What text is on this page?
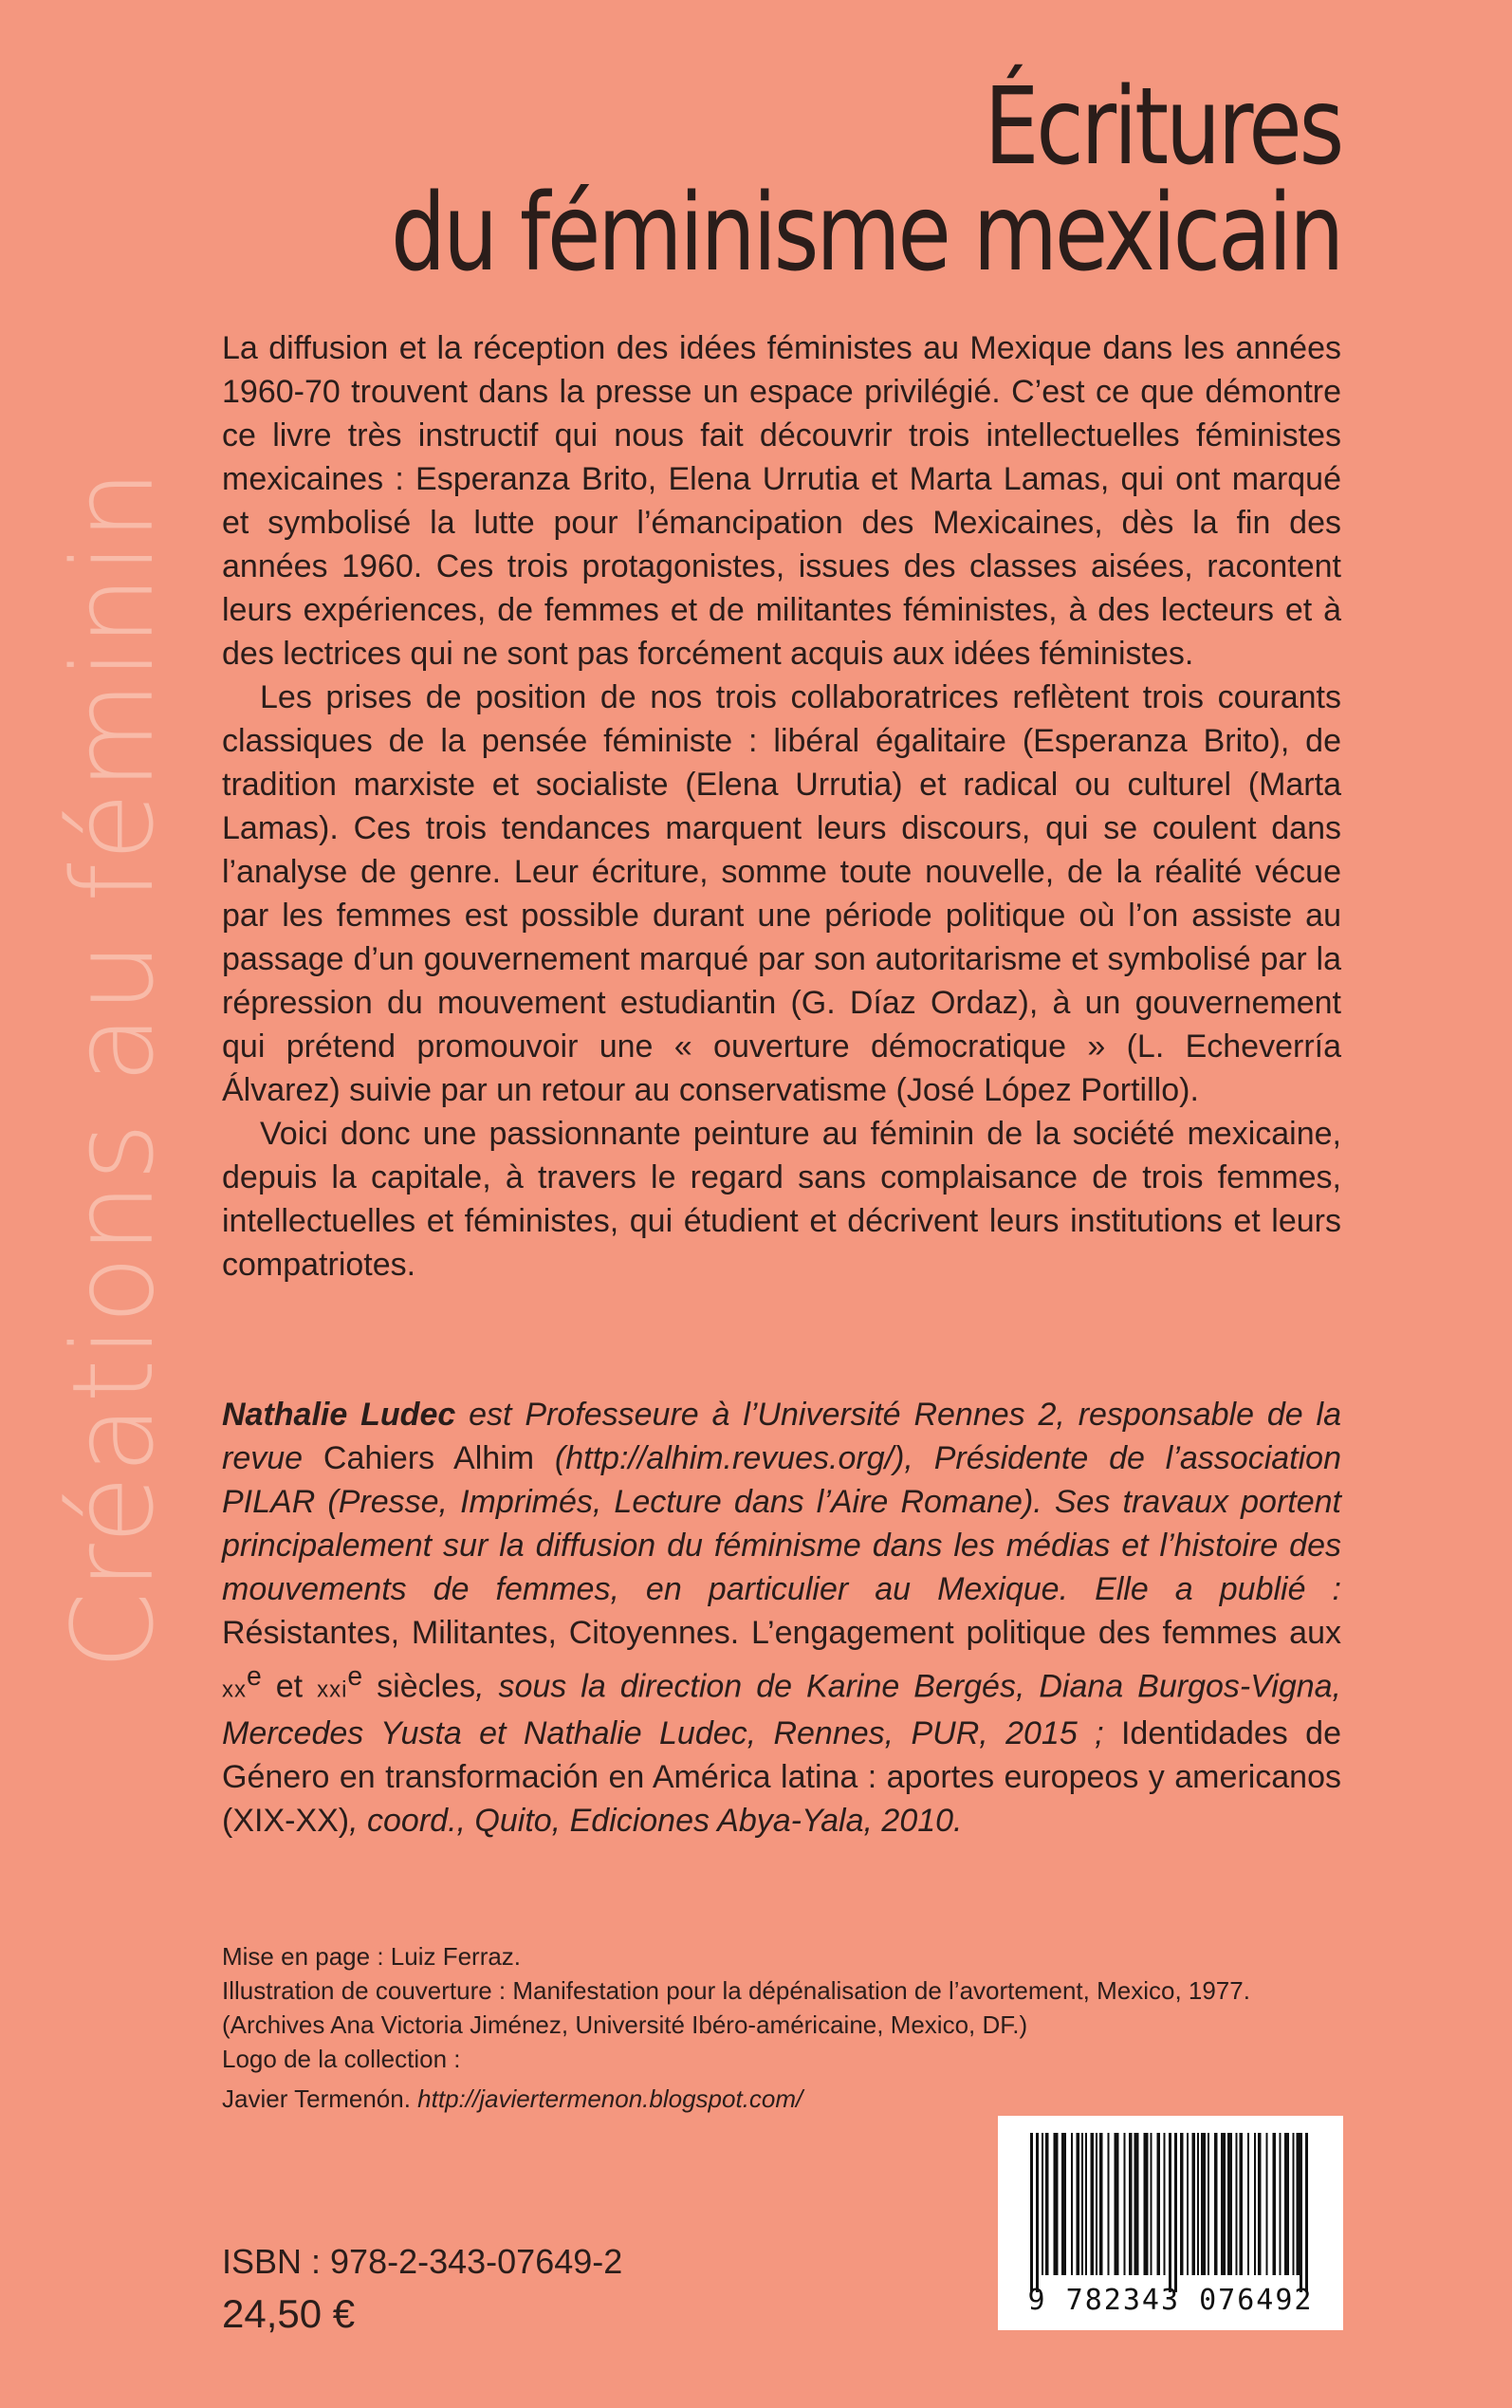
Créations au féminin
Écritures
du féminisme mexicain

La diffusion et la réception des idées féministes au Mexique dans les années 1960-70 trouvent dans la presse un espace privilégié. C’est ce que démontre ce livre très instructif qui nous fait découvrir trois intellectuelles féministes mexicaines : Esperanza Brito, Elena Urrutia et Marta Lamas, qui ont marqué et symbolisé la lutte pour l’émancipation des Mexicaines, dès la fin des années 1960. Ces trois protagonistes, issues des classes aisées, racontent leurs expériences, de femmes et de militantes féministes, à des lecteurs et à des lectrices qui ne sont pas forcément acquis aux idées féministes.

Les prises de position de nos trois collaboratrices reflètent trois courants classiques de la pensée féministe : libéral égalitaire (Esperanza Brito), de tradition marxiste et socialiste (Elena Urrutia) et radical ou culturel (Marta Lamas). Ces trois tendances marquent leurs discours, qui se coulent dans l’analyse de genre. Leur écriture, somme toute nouvelle, de la réalité vécue par les femmes est possible durant une période politique où l’on assiste au passage d’un gouvernement marqué par son autoritarisme et symbolisé par la répression du mouvement estudiantin (G. Díaz Ordaz), à un gouvernement qui prétend promouvoir une « ouverture démocratique » (L. Echeverría Álvarez) suivie par un retour au conservatisme (José López Portillo).

Voici donc une passionnante peinture au féminin de la société mexicaine, depuis la capitale, à travers le regard sans complaisance de trois femmes, intellectuelles et féministes, qui étudient et décrivent leurs institutions et leurs compatriotes.

Nathalie Ludec est Professeure à l’Université Rennes 2, responsable de la revue Cahiers Alhim (http://alhim.revues.org/), Présidente de l’association PILAR (Presse, Imprimés, Lecture dans l’Aire Romane). Ses travaux portent principalement sur la diffusion du féminisme dans les médias et l’histoire des mouvements de femmes, en particulier au Mexique. Elle a publié : Résistantes, Militantes, Citoyennes. L’engagement politique des femmes aux $xx^e$ et xxi$^e$ siècles, sous la direction de Karine Bergés, Diana Burgos-Vigna, Mercedes Yusta et Nathalie Ludec, Rennes, PUR, 2015 ; Identidades de Género en transformación en América latina : aportes europeos y americanos (XIX-XX), coord., Quito, Ediciones Abya-Yala, 2010.

Mise en page : Luiz Ferraz.
Illustration de couverture : Manifestation pour la dépénalisation de l’avortement, Mexico, 1977. (Archives Ana Victoria Jiménez, Université Ibéro-américaine, Mexico, DF.)
Logo de la collection :
Javier Termenón. http://javiertermenon.blogspot.com/
ISBN : 978-2-343-07649-2
24,50 €	9 782343 076492
